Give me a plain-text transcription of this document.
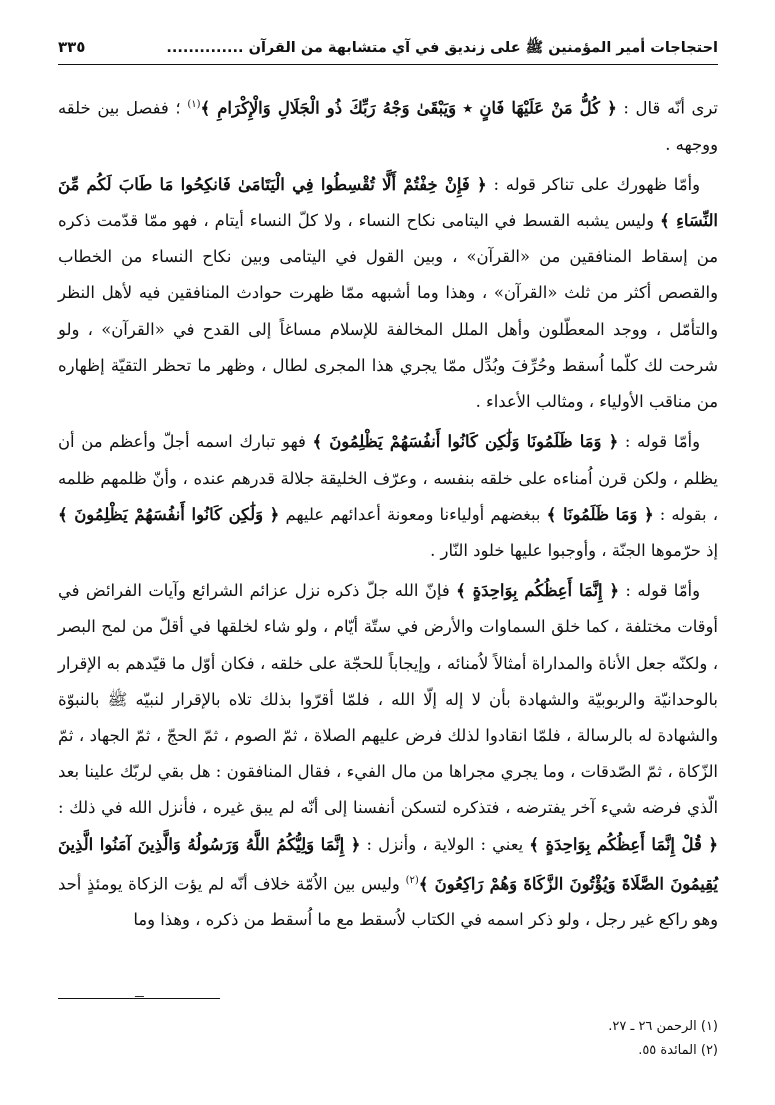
احتجاجات أمير المؤمنين ﷺ على زنديق في آي متشابهة من القرآن ..............
٣٣٥

ترى أنّه قال : ﴿ كُلُّ مَنْ عَلَيْهَا فَانٍ ٭ وَيَبْقَىٰ وَجْهُ رَبِّكَ ذُو الْجَلَالِ وَالْإِكْرَامِ ﴾$^{(١)}$ ؛ ففصل بين خلقه ووجهه .

وأمّا ظهورك على تناكر قوله : ﴿ فَإِنْ خِفْتُمْ أَلَّا تُقْسِطُوا فِي الْيَتَامَىٰ فَانكِحُوا مَا طَابَ لَكُم مِّنَ النِّسَاءِ ﴾ وليس يشبه القسط في اليتامى نكاح النساء ، ولا كلّ النساء أيتام ، فهو ممّا قدّمت ذكره من إسقاط المنافقين من «القرآن» ، وبين القول في اليتامى وبين نكاح النساء من الخطاب والقصص أكثر من ثلث «القرآن» ، وهذا وما أشبهه ممّا ظهرت حوادث المنافقين فيه لأهل النظر والتأمّل ، ووجد المعطّلون وأهل الملل المخالفة للإسلام مساغاً إلى القدح في «القرآن» ، ولو شرحت لك كلّما اُسقط وحُرِّفَ وبُدِّل ممّا يجري هذا المجرى لطال ، وظهر ما تحظر التقيّة إظهاره من مناقب الأولياء ، ومثالب الأعداء .

وأمّا قوله : ﴿ وَمَا ظَلَمُونَا وَلَٰكِن كَانُوا أَنفُسَهُمْ يَظْلِمُونَ ﴾ فهو تبارك اسمه أجلّ وأعظم من أن يظلم ، ولكن قرن اُمناءه على خلقه بنفسه ، وعرّف الخليقة جلالة قدرهم عنده ، وأنّ ظلمهم ظلمه ، بقوله : ﴿ وَمَا ظَلَمُونَا ﴾ ببغضهم أولياءنا ومعونة أعدائهم عليهم ﴿ وَلَٰكِن كَانُوا أَنفُسَهُمْ يَظْلِمُونَ ﴾ إذ حرّموها الجنّة ، وأوجبوا عليها خلود النّار .

وأمّا قوله : ﴿ إِنَّمَا أَعِظُكُم بِوَاحِدَةٍ ﴾ فإنّ الله جلّ ذكره نزل عزائم الشرائع وآيات الفرائض في أوقات مختلفة ، كما خلق السماوات والأرض في ستّة أيّام ، ولو شاء لخلقها في أقلّ من لمح البصر ، ولكنّه جعل الأناة والمداراة أمثالاً لاُمنائه ، وإيجاباً للحجّة على خلقه ، فكان أوّل ما قيّدهم به الإقرار بالوحدانيّة والربوبيّة والشهادة بأن لا إله إلّا الله ، فلمّا أقرّوا بذلك تلاه بالإقرار لنبيّه ﷺ بالنبوّة والشهادة له بالرسالة ، فلمّا انقادوا لذلك فرض عليهم الصلاة ، ثمّ الصوم ، ثمّ الحجّ ، ثمّ الجهاد ، ثمّ الزّكاة ، ثمّ الصّدقات ، وما يجري مجراها من مال الفيء ، فقال المنافقون : هل بقي لربّك علينا بعد الّذي فرضه شيء آخر يفترضه ، فتذكره لتسكن أنفسنا إلى أنّه لم يبق غيره ، فأنزل الله في ذلك : ﴿ قُلْ إِنَّمَا أَعِظُكُم بِوَاحِدَةٍ ﴾ يعني : الولاية ، وأنزل : ﴿ إِنَّمَا وَلِيُّكُمُ اللَّهُ وَرَسُولُهُ وَالَّذِينَ آمَنُوا الَّذِينَ يُقِيمُونَ الصَّلَاةَ وَيُؤْتُونَ الزَّكَاةَ وَهُمْ رَاكِعُونَ ﴾$^{(٢)}$ وليس بين الاُمّة خلاف أنّه لم يؤت الزكاة يومئذٍ أحد وهو راكع غير رجل ، ولو ذكر اسمه في الكتاب لاُسقط مع ما اُسقط من ذكره ، وهذا وما

ـــ
(١) الرحمن ٢٦ ـ ٢٧.
(٢) المائدة ٥٥.
